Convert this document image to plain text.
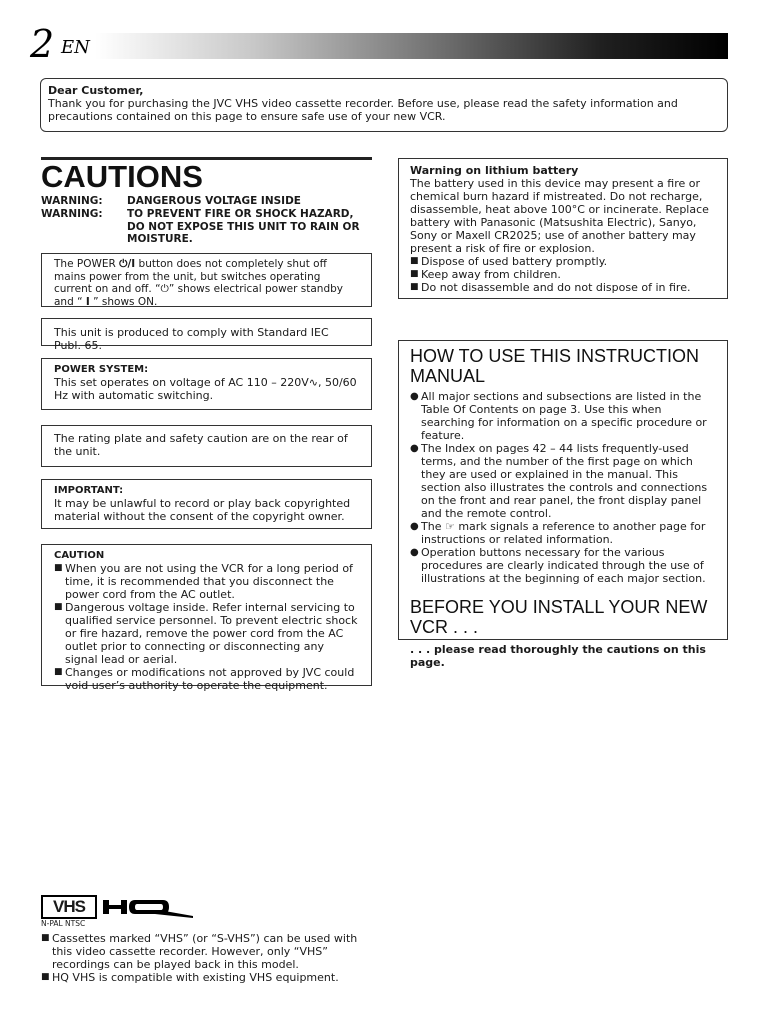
2 EN

Dear Customer,

Thank you for purchasing the JVC VHS video cassette recorder. Before use, please read the safety information and precautions contained on this page to ensure safe use of your new VCR.

CAUTIONS
WARNING: DANGEROUS VOLTAGE INSIDE
WARNING: TO PREVENT FIRE OR SHOCK HAZARD, DO NOT EXPOSE THIS UNIT TO RAIN OR MOISTURE.

The POWER ⏻/I button does not completely shut off mains power from the unit, but switches operating current on and off. “⏻” shows electrical power standby and “ I ” shows ON.

This unit is produced to comply with Standard IEC Publ. 65.

POWER SYSTEM:

This set operates on voltage of AC 110 – 220V∿, 50/60 Hz with automatic switching.

The rating plate and safety caution are on the rear of the unit.

IMPORTANT:

It may be unlawful to record or play back copyrighted material without the consent of the copyright owner.

CAUTION

■ When you are not using the VCR for a long period of time, it is recommended that you disconnect the power cord from the AC outlet.
■ Dangerous voltage inside. Refer internal servicing to qualified service personnel. To prevent electric shock or fire hazard, remove the power cord from the AC outlet prior to connecting or disconnecting any signal lead or aerial.
■ Changes or modifications not approved by JVC could void user’s authority to operate the equipment.

Warning on lithium battery

The battery used in this device may present a fire or chemical burn hazard if mistreated. Do not recharge, disassemble, heat above 100°C or incinerate. Replace battery with Panasonic (Matsushita Electric), Sanyo, Sony or Maxell CR2025; use of another battery may present a risk of fire or explosion.

■ Dispose of used battery promptly.
■ Keep away from children.
■ Do not disassemble and do not dispose of in fire.

HOW TO USE THIS INSTRUCTION MANUAL

● All major sections and subsections are listed in the Table Of Contents on page 3. Use this when searching for information on a specific procedure or feature.
● The Index on pages 42 – 44 lists frequently-used terms, and the number of the first page on which they are used or explained in the manual. This section also illustrates the controls and connections on the front and rear panel, the front display panel and the remote control.
● The ☞ mark signals a reference to another page for instructions or related information.
● Operation buttons necessary for the various procedures are clearly indicated through the use of illustrations at the beginning of each major section.

BEFORE YOU INSTALL YOUR NEW VCR . . .

. . . please read thoroughly the cautions on this page.

VHS
N-PAL NTSC
■ Cassettes marked “VHS” (or “S-VHS”) can be used with this video cassette recorder. However, only “VHS” recordings can be played back in this model.
■ HQ VHS is compatible with existing VHS equipment.
